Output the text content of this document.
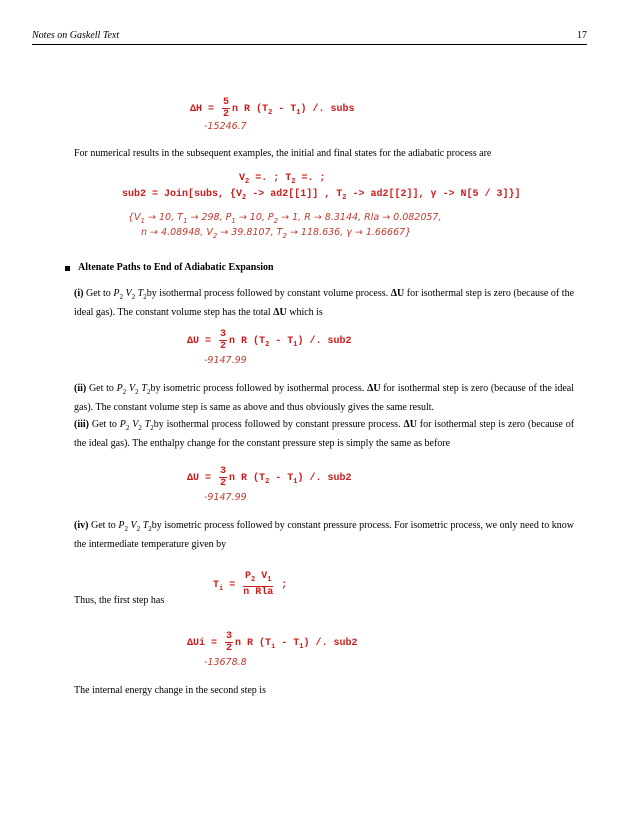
Notes on Gaskell Text	17

$\Delta H = \frac{5}{2}$ n R $(T_2 - T_1)$ /. subs

-15246.7
For numerical results in the subsequent examples, the initial and final states for the adiabatic process are
$V_2$ =. ; $T_2$ =. ;
sub2 = Join[subs, {$V_2 -> ad2[[1]]$ , $T_2 -> ad2[[2]]$, γ -> N[5 / 3]}]
{$V_1 \to 10$, $T_1 \to 298$, $P_1 \to 10$, $P_2 \to 1$, R → 8.3144, Rla → 0.082057,
n → 4.08948, $V_2 \to 39.8107$, $T_2 \to 118.636$, γ → 1.66667}
Altenate Paths to End of Adiabatic Expansion
(i) Get to $P_2$ $V_2$ $T_2by$ isothermal process followed by constant volume process. ΔU for isothermal step is zero (because of the ideal gas). The constant volume step has the total ΔU which is

$\Delta U = \frac{3}{2}$ n R $(T_2 - T_1)$ /. sub2

-9147.99
(ii) Get to $P_2$ $V_2$ $T_2by$ isometric process followed by isothermal process. ΔU for isothermal step is zero (because of the ideal gas). The constant volume step is same as above and thus obviously gives the same result.
(iii) Get to $P_2$ $V_2$ $T_2by$ isothermal process followed by constant pressure process. ΔU for isothermal step is zero (because of the ideal gas). The enthalpy change for the constant pressure step is simply the same as before

$\Delta U = \frac{3}{2}$ n R $(T_2 - T_1)$ /. sub2

-9147.99
(iv) Get to $P_2$ $V_2$ $T_2by$ isometric process followed by constant pressure process. For isometric process, we only need to know the intermediate temperature given by

$T_i = \frac{P_2 V_1}{\text{n Rla}}$ ;

Thus, the first step has

$\Delta Ui = \frac{3}{2}$ n R $(T_i - T_1)$ /. sub2

-13678.8
The internal energy change in the second step is
